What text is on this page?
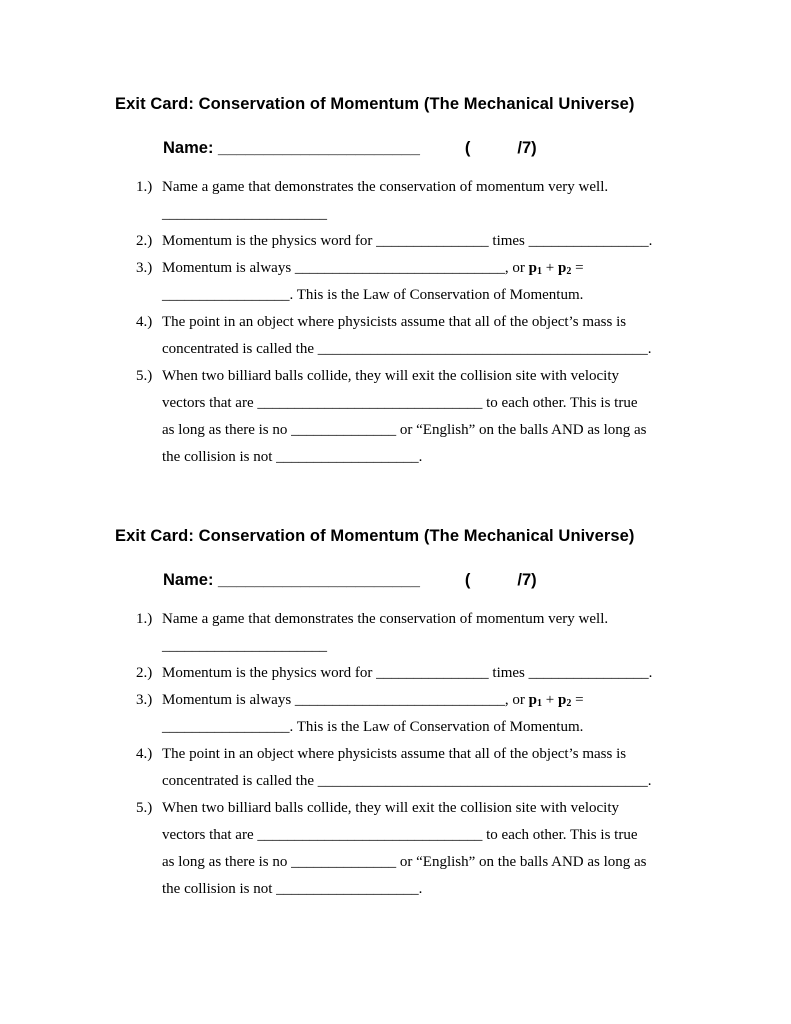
Exit Card: Conservation of Momentum (The Mechanical Universe)
Name: ______________________	(	/7)
1.) Name a game that demonstrates the conservation of momentum very well.
______________________
2.) Momentum is the physics word for _______________ times ________________.
3.) Momentum is always ____________________________, or $p_1 + p_2$ =
_________________. This is the Law of Conservation of Momentum.
4.) The point in an object where physicists assume that all of the object’s mass is
concentrated is called the ____________________________________________.
5.) When two billiard balls collide, they will exit the collision site with velocity
vectors that are ______________________________ to each other. This is true
as long as there is no ______________ or “English” on the balls AND as long as
the collision is not ___________________.
Exit Card: Conservation of Momentum (The Mechanical Universe)
Name: ______________________	(	/7)
1.) Name a game that demonstrates the conservation of momentum very well.
______________________
2.) Momentum is the physics word for _______________ times ________________.
3.) Momentum is always ____________________________, or $p_1 + p_2$ =
_________________. This is the Law of Conservation of Momentum.
4.) The point in an object where physicists assume that all of the object’s mass is
concentrated is called the ____________________________________________.
5.) When two billiard balls collide, they will exit the collision site with velocity
vectors that are ______________________________ to each other. This is true
as long as there is no ______________ or “English” on the balls AND as long as
the collision is not ___________________.
